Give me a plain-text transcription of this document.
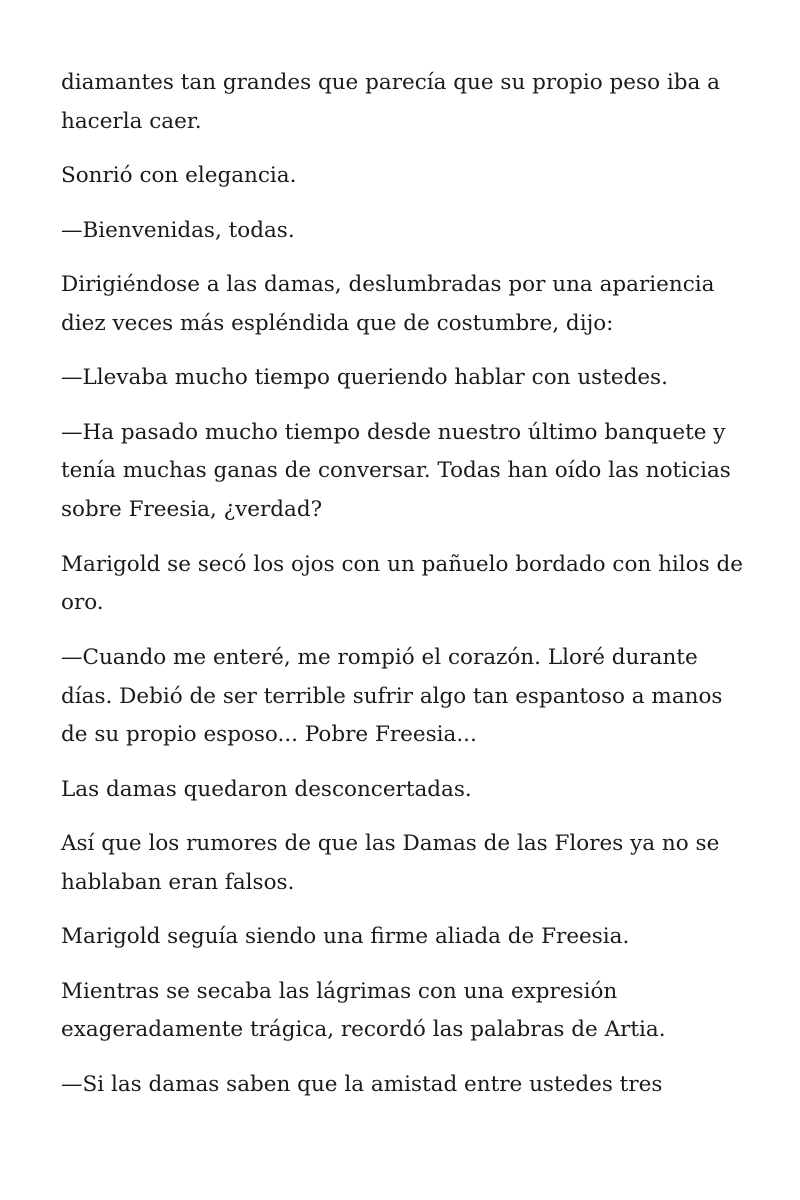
diamantes tan grandes que parecía que su propio peso iba a hacerla caer.

Sonrió con elegancia.

—Bienvenidas, todas.

Dirigiéndose a las damas, deslumbradas por una apariencia diez veces más espléndida que de costumbre, dijo:

—Llevaba mucho tiempo queriendo hablar con ustedes.

—Ha pasado mucho tiempo desde nuestro último banquete y tenía muchas ganas de conversar. Todas han oído las noticias sobre Freesia, ¿verdad?

Marigold se secó los ojos con un pañuelo bordado con hilos de oro.

—Cuando me enteré, me rompió el corazón. Lloré durante días. Debió de ser terrible sufrir algo tan espantoso a manos de su propio esposo... Pobre Freesia...

Las damas quedaron desconcertadas.

Así que los rumores de que las Damas de las Flores ya no se hablaban eran falsos.

Marigold seguía siendo una firme aliada de Freesia.

Mientras se secaba las lágrimas con una expresión exageradamente trágica, recordó las palabras de Artia.

—Si las damas saben que la amistad entre ustedes tres
